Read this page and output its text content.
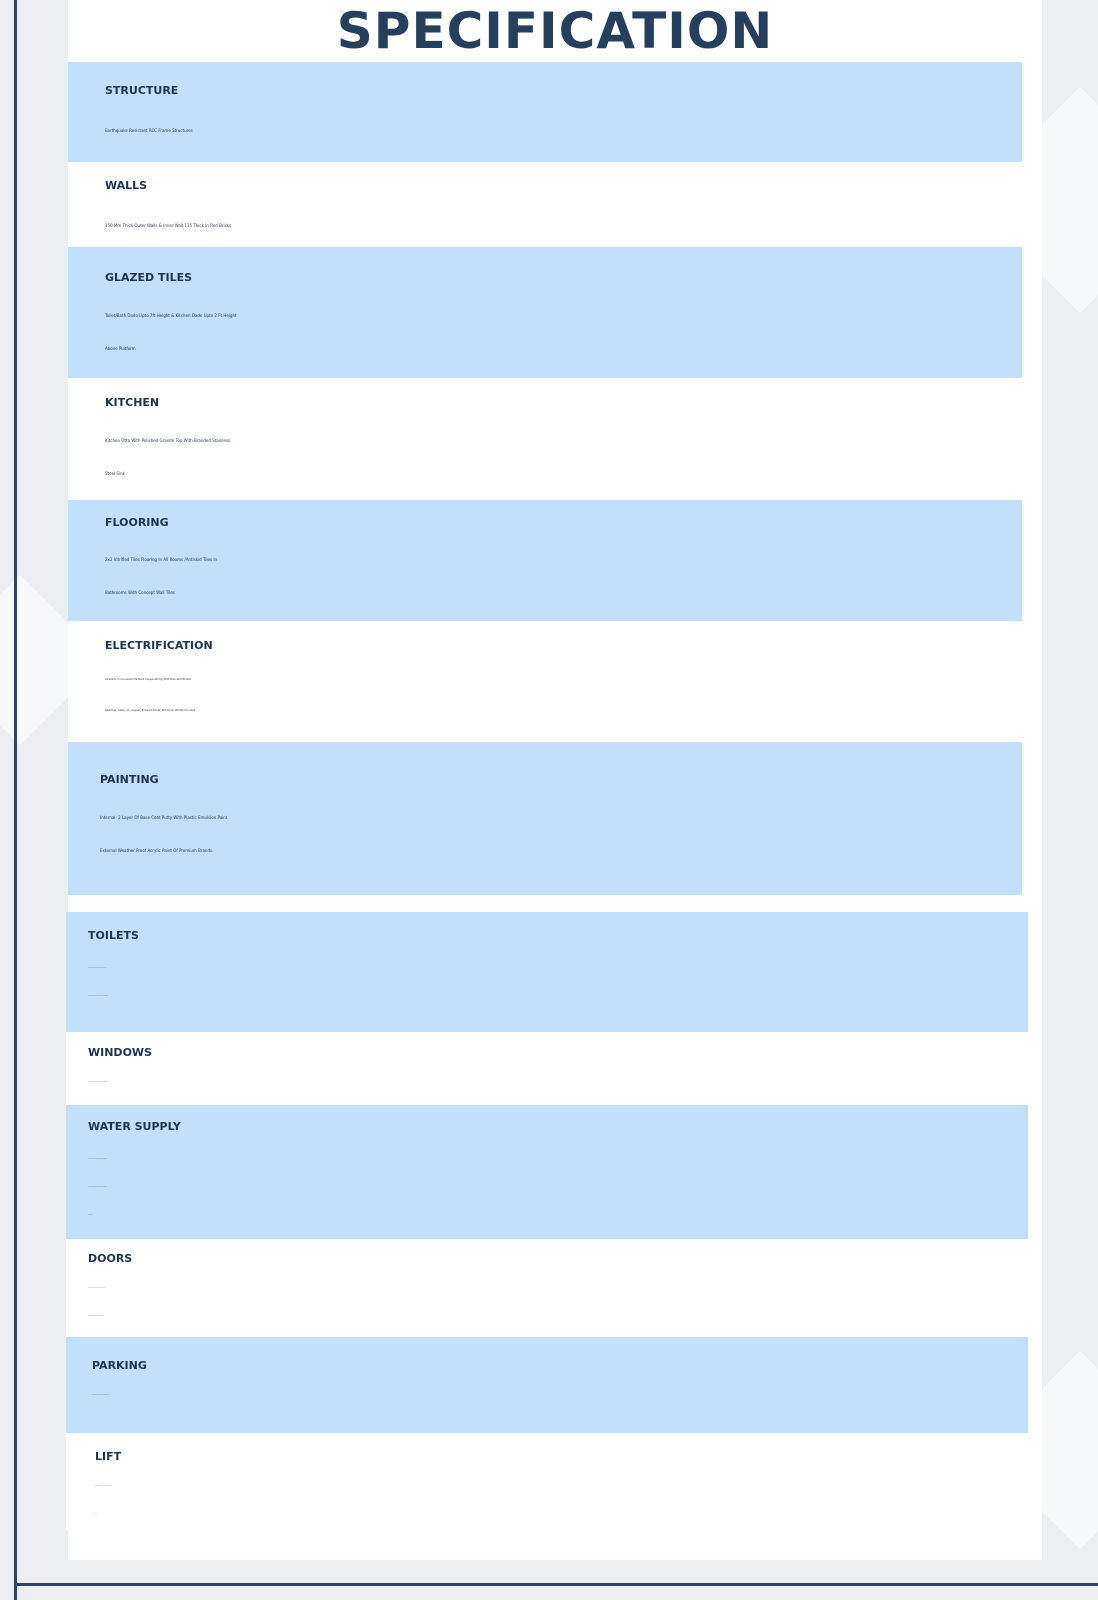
SPECIFICATION
STRUCTURE
Earthquake Resistant RCC Frame Structures
WALLS
150 Mm Thick Outer Walls & Inner Wall 115 Thick In Red Bricks
GLAZED TILES
Toilet/Bath Dado Upto 7ft Height & Kitchen Dado Upto 2 Ft Height
Above Platform
KITCHEN
Kitchen Otta With Polished Granite Top With Branded Stainless
Steel Sink
FLOORING
2x2 Vitrified Tiles Flooring In All Rooms /Antiskid Tiles In
Bathrooms With Concept Wall Tiles
ELECTRIFICATION
All Points In Concealed ISI Mark Copper Wiring With Branded Modular
Switches, Cable, AC, Geyser, Exhaust Points, Wifi Point, Will Be Provided
PAINTING
Internal- 2 Layer Of Base Coat Putty With Plastic Emulsion Paint
External Weather Proof Acrylic Paint Of Premium Brands.
TOILETS
WINDOWS
WATER SUPPLY
DOORS
PARKING
LIFT
